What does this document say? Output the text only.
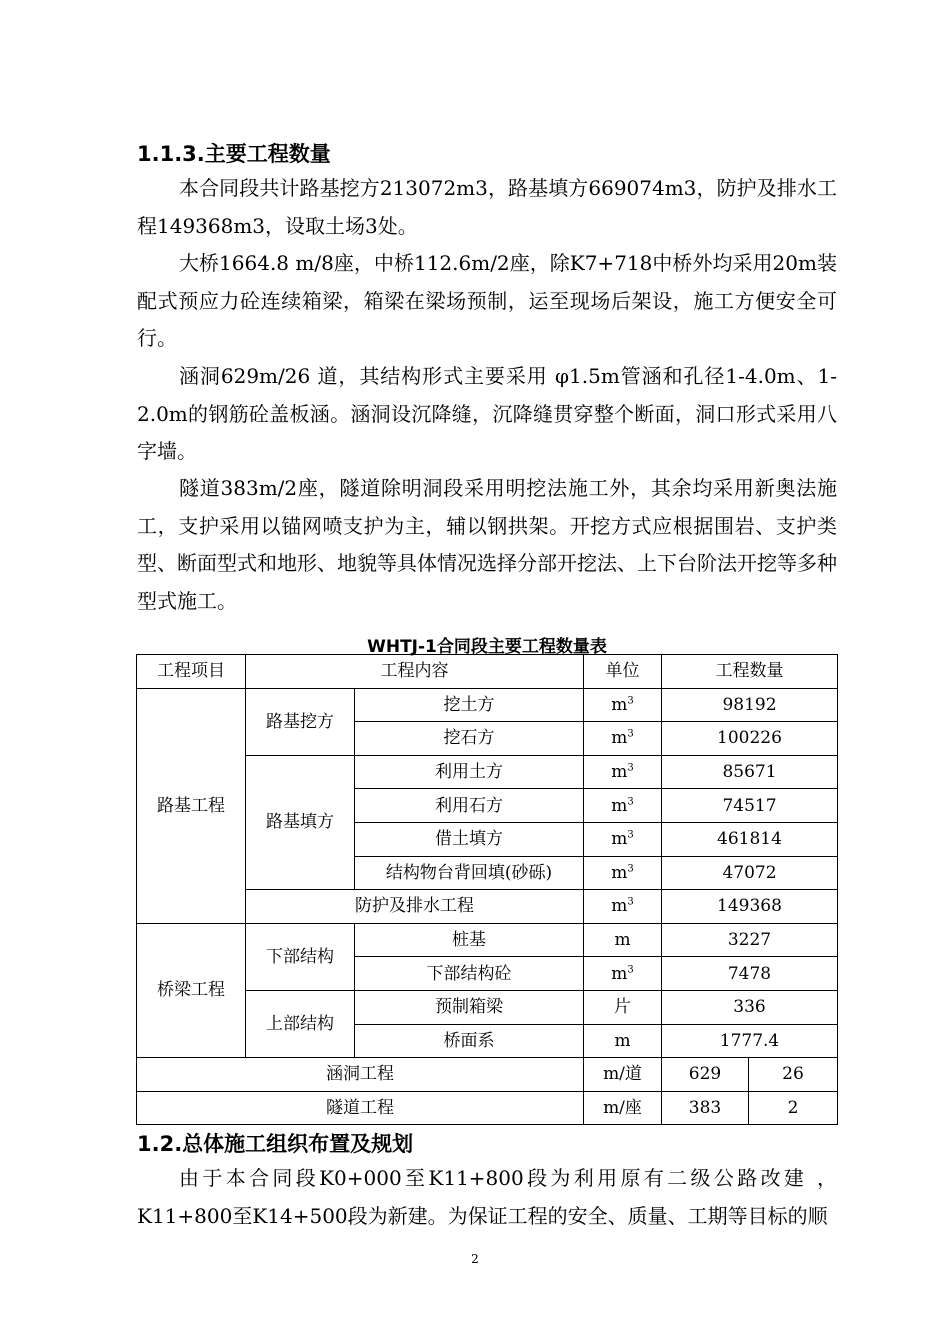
1.1.3.主要工程数量
本合同段共计路基挖方213072m3，路基填方669074m3，防护及排水工程149368m3，设取土场3处。
大桥1664.8 m/8座，中桥112.6m/2座，除K7+718中桥外均采用20m装配式预应力砼连续箱梁，箱梁在梁场预制，运至现场后架设，施工方便安全可行。
涵洞629m/26 道，其结构形式主要采用 φ1.5m管涵和孔径1-4.0m、1-2.0m的钢筋砼盖板涵。涵洞设沉降缝，沉降缝贯穿整个断面，洞口形式采用八字墙。
隧道383m/2座，隧道除明洞段采用明挖法施工外，其余均采用新奥法施工，支护采用以锚网喷支护为主，辅以钢拱架。开挖方式应根据围岩、支护类型、断面型式和地形、地貌等具体情况选择分部开挖法、上下台阶法开挖等多种型式施工。
WHTJ-1合同段主要工程数量表
工程项目	工程内容		单位	工程数量	
路基工程	路基挖方	挖土方	$m^3$	98192	
		挖石方	$m^3$	100226	
	路基填方	利用土方	$m^3$	85671	
		利用石方	$m^3$	74517	
		借土填方	$m^3$	461814	
		结构物台背回填(砂砾)	$m^3$	47072	
	防护及排水工程		$m^3$	149368	
桥梁工程	下部结构	桩基	m	3227	
		下部结构砼	$m^3$	7478	
	上部结构	预制箱梁	片	336	
		桥面系	m	1777.4	
涵洞工程			m/道	629	26
隧道工程			m/座	383	2
1.2.总体施工组织布置及规划
由于本合同段K0+000至K11+800段为利用原有二级公路改建 ，K11+800至K14+500段为新建。为保证工程的安全、质量、工期等目标的顺
2
